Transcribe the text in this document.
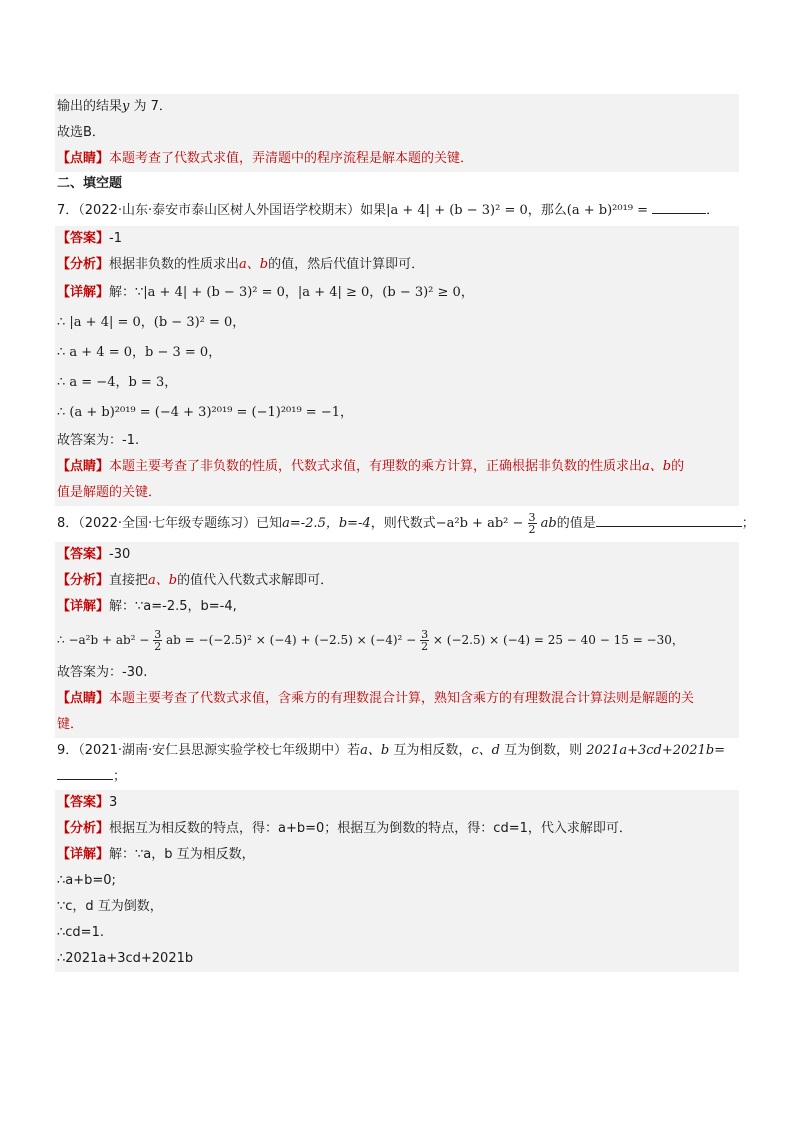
输出的结果y 为 7．
故选B．
【点睛】本题考查了代数式求值，弄清题中的程序流程是解本题的关键．
二、填空题
7．（2022·山东·泰安市泰山区树人外国语学校期末）如果|a + 4| + (b − 3)² = 0，那么(a + b)²⁰¹⁹ =	．
【答案】-1
【分析】根据非负数的性质求出a、b的值，然后代值计算即可．
【详解】解：∵|a + 4| + (b − 3)² = 0，|a + 4| ≥ 0，(b − 3)² ≥ 0，
∴ |a + 4| = 0，(b − 3)² = 0，
∴ a + 4 = 0，b − 3 = 0，
∴ a = −4，b = 3，
∴ (a + b)²⁰¹⁹ = (−4 + 3)²⁰¹⁹ = (−1)²⁰¹⁹ = −1，
故答案为：-1.
【点睛】本题主要考查了非负数的性质，代数式求值，有理数的乘方计算，正确根据非负数的性质求出a、b的
值是解题的关键．
8．（2022·全国·七年级专题练习）已知a=-2.5，b=-4，则代数式$-a^2b + ab^2 - \frac{3}{2}$ ab的值是	；
【答案】-30
【分析】直接把a、b的值代入代数式求解即可．
【详解】解：∵a=-2.5，b=-4,
∴ $-a^2b + ab^2 - \frac{3}{2}$ ab = $-(-2.5)^2 \times (-4) + (-2.5) \times (-4)^2 - \frac{3}{2} \times (-2.5) \times (-4) = 25 - 40 - 15 = -30$，
故答案为：-30.
【点睛】本题主要考查了代数式求值，含乘方的有理数混合计算，熟知含乘方的有理数混合计算法则是解题的关
键．
9．（2021·湖南·安仁县思源实验学校七年级期中）若a、b 互为相反数，c、d 互为倒数，则 2021a+3cd+2021b=
；
【答案】3
【分析】根据互为相反数的特点，得：a+b=0；根据互为倒数的特点，得：cd=1，代入求解即可．
【详解】解：∵a，b 互为相反数，
∴a+b=0;
∵c，d 互为倒数，
∴cd=1.
∴2021a+3cd+2021b
